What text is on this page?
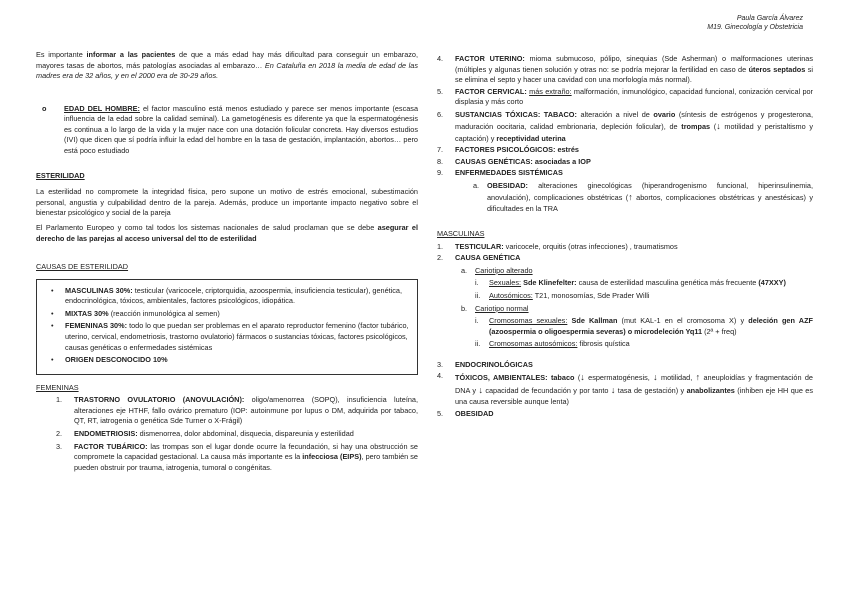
Paula García Álvarez
M19. Ginecología y Obstetricia

Es importante informar a las pacientes de que a más edad hay más dificultad para conseguir un embarazo, mayores tasas de abortos, más patologías asociadas al embarazo… En Cataluña en 2018 la media de edad de las madres era de 32 años, y en el 2000 era de 30-29 años.

o EDAD DEL HOMBRE: el factor masculino está menos estudiado y parece ser menos importante (escasa influencia de la edad sobre la calidad seminal). La gametogénesis es diferente ya que la espermatogénesis es continua a lo largo de la vida y la mujer nace con una dotación folicular concreta. Hay diversos estudios (IVI) que dicen que sí podría influir la edad del hombre en la tasa de gestación, implantación, abortos… pero está poco estudiado

ESTERILIDAD

La esterilidad no compromete la integridad física, pero supone un motivo de estrés emocional, subestimación personal, angustia y culpabilidad dentro de la pareja. Además, produce un importante impacto negativo sobre el bienestar psicológico y social de la pareja

El Parlamento Europeo y como tal todos los sistemas nacionales de salud proclaman que se debe asegurar el derecho de las parejas al acceso universal del tto de esterilidad

CAUSAS DE ESTERILIDAD
• MASCULINAS 30%: testicular (varicocele, criptorquidia, azoospermia, insuficiencia testicular), genética, endocrinológica, tóxicos, ambientales, factores psicológicos, idiopática.
• MIXTAS 30% (reacción inmunológica al semen)
• FEMENINAS 30%: todo lo que puedan ser problemas en el aparato reproductor femenino (factor tubárico, uterino, cervical, endometriosis, trastorno ovulatorio) fármacos o sustancias tóxicas, factores psicológicos, causas genéticas o enfermedades sistémicas
• ORIGEN DESCONOCIDO 10%
FEMENINAS
1. TRASTORNO OVULATORIO (ANOVULACIÓN): oligo/amenorrea (SOPQ), insuficiencia luteína, alteraciones eje HTHF, fallo ovárico prematuro (IOP: autoinmune por lupus o DM, adquirida por tabaco, QT, RT, iatrogenia o genética Sde Turner o X-Frágil)
2. ENDOMETRIOSIS: dismenorrea, dolor abdominal, disquecia, dispareunia y esterilidad
3. FACTOR TUBÁRICO: las trompas son el lugar donde ocurre la fecundación, si hay una obstrucción se compromete la capacidad gestacional. La causa más importante es la infecciosa (EIPS), pero también se pueden obstruir por trauma, iatrogenia, tumoral o congénitas.
4. FACTOR UTERINO: mioma submucoso, pólipo, sinequias (Sde Asherman) o malformaciones uterinas (múltiples y algunas tienen solución y otras no: se podría mejorar la fertilidad en caso de úteros septados si se elimina el septo y hacer una cavidad con una morfología más normal).
5. FACTOR CERVICAL: más extraño: malformación, inmunológico, capacidad funcional, conización cervical por displasia y más corto
6. SUSTANCIAS TÓXICAS: TABACO: alteración a nivel de ovario (síntesis de estrógenos y progesterona, maduración oocitaria, calidad embrionaria, depleción folicular), de trompas (↓ motilidad y peristaltismo y captación) y receptividad uterina
7. FACTORES PSICOLÓGICOS: estrés
8. CAUSAS GENÉTICAS: asociadas a IOP
9. ENFERMEDADES SISTÉMICAS
a. OBESIDAD: alteraciones ginecológicas (hiperandrogenismo funcional, hiperinsulinemia, anovulación), complicaciones obstétricas (↑ abortos, complicaciones obstétricas y anestésicas) y dificultades en la TRA
MASCULINAS
1. TESTICULAR: varicocele, orquitis (otras infecciones) , traumatismos
2. CAUSA GENÉTICA
a. Cariotipo alterado
i. Sexuales: Sde Klinefelter: causa de esterilidad masculina genética más frecuente (47XXY)
ii. Autosómicos: T21, monosomías, Sde Prader Willi
b. Cariotipo normal
i. Cromosomas sexuales: Sde Kallman (mut KAL-1 en el cromosoma X) y deleción gen AZF (azoospermia o oligoespermia severas) o microdeleción Yq11 (2ª + freq)
ii. Cromosomas autosómicos: fibrosis quística
3. ENDOCRINOLÓGICAS
4. TÓXICOS, AMBIENTALES: tabaco (↓ espermatogénesis, ↓ motilidad, ↑ aneuploidías y fragmentación de DNA y ↓ capacidad de fecundación y por tanto ↓ tasa de gestación) y anabolizantes (inhiben eje HH que es una causa reversible aunque lenta)
5. OBESIDAD
